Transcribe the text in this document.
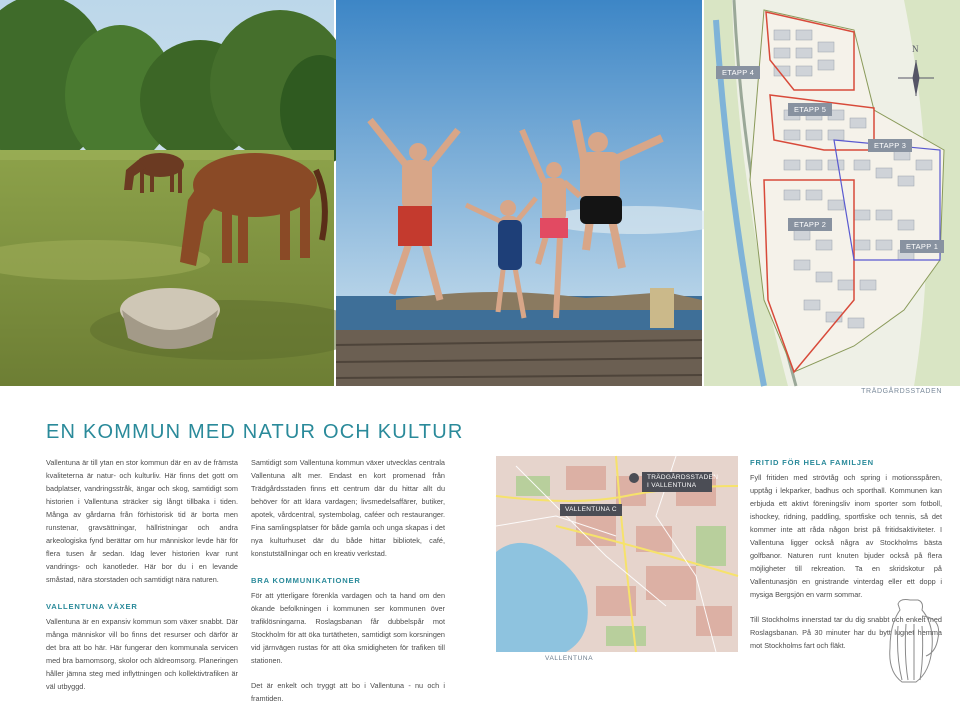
N
ETAPP 4
ETAPP 5
ETAPP 3
ETAPP 2
ETAPP 1
TRÄDGÅRDSSTADEN
EN KOMMUN MED NATUR OCH KULTUR

Vallentuna är till ytan en stor kommun där en av de främsta kvaliteterna är natur- och kulturliv. Här finns det gott om badplatser, vandringsstråk, ängar och skog, samtidigt som historien i Vallentuna sträcker sig långt tillbaka i tiden. Många av gårdarna från förhistorisk tid är borta men runstenar, gravsättningar, hällristningar och andra arkeologiska fynd berättar om hur människor levde här för flera tusen år sedan. Idag lever historien kvar runt vandrings- och kanotleder. Här bor du i en levande småstad, nära storstaden och samtidigt nära naturen.

VALLENTUNA VÄXER

Vallentuna är en expansiv kommun som växer snabbt. Där många människor vill bo finns det resurser och därför är det bra att bo här. Här fungerar den kommunala servicen med bra barnomsorg, skolor och äldreomsorg. Planeringen håller jämna steg med inflyttningen och kollektivtrafiken är väl utbyggd.

Samtidigt som Vallentuna kommun växer utvecklas centrala Vallentuna allt mer. Endast en kort promenad från Trädgårdsstaden finns ett centrum där du hittar allt du behöver för att klara vardagen; livsmedelsaffärer, butiker, apotek, vårdcentral, systembolag, caféer och restauranger. Fina samlingsplatser för både gamla och unga skapas i det nya kulturhuset där du både hittar bibliotek, café, konstutställningar och en kreativ verkstad.

BRA KOMMUNIKATIONER

För att ytterligare förenkla vardagen och ta hand om den ökande befolkningen i kommunen ser kommunen över trafiklösningarna. Roslagsbanan får dubbelspår mot Stockholm för att öka turtätheten, samtidigt som korsningen vid järnvägen rustas för att öka smidigheten för trafiken till stationen.

Det är enkelt och tryggt att bo i Vallentuna - nu och i framtiden.

TRÄDGÅRDSSTADEN I VALLENTUNA
VALLENTUNA C
VALLENTUNA
FRITID FÖR HELA FAMILJEN

Fyll fritiden med strövtåg och spring i motionsspåren, upptåg i lekparker, badhus och sporthall. Kommunen kan erbjuda ett aktivt föreningsliv inom sporter som fotboll, ishockey, ridning, paddling, sportfiske och tennis, så det kommer inte att råda någon brist på fritidsaktiviteter. I Vallentuna ligger också några av Stockholms bästa golfbanor. Naturen runt knuten bjuder också på flera möjligheter till rekreation. Ta en skridskotur på Vallentunasjön en gnistrande vinterdag eller ett dopp i mysiga Bergsjön en varm sommar.

Till Stockholms innerstad tar du dig snabbt och enkelt med Roslagsbanan. På 30 minuter har du bytt lugnet hemma mot Stockholms fart och fläkt.
